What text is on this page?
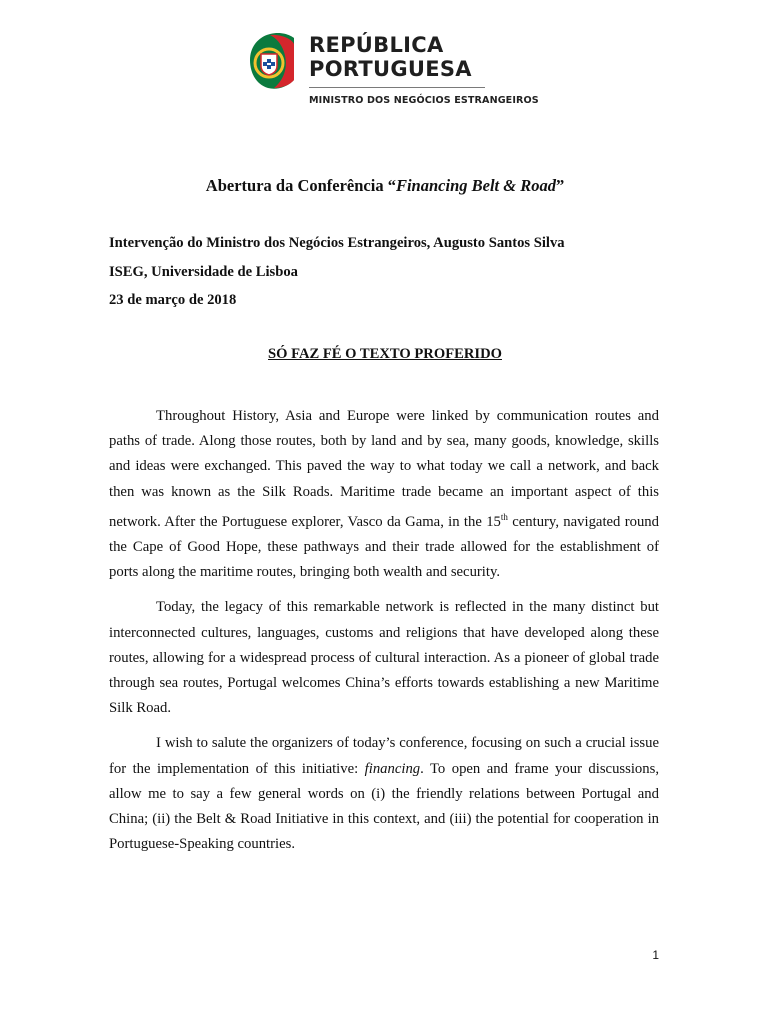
REPÚBLICA
PORTUGUESA
MINISTRO DOS NEGÓCIOS ESTRANGEIROS
Abertura da Conferência “Financing Belt & Road”
Intervenção do Ministro dos Negócios Estrangeiros, Augusto Santos Silva
ISEG, Universidade de Lisboa
23 de março de 2018
SÓ FAZ FÉ O TEXTO PROFERIDO

Throughout History, Asia and Europe were linked by communication routes and paths of trade. Along those routes, both by land and by sea, many goods, knowledge, skills and ideas were exchanged. This paved the way to what today we call a network, and back then was known as the Silk Roads. Maritime trade became an important aspect of this network. After the Portuguese explorer, Vasco da Gama, in the 15th century, navigated round the Cape of Good Hope, these pathways and their trade allowed for the establishment of ports along the maritime routes, bringing both wealth and security.

Today, the legacy of this remarkable network is reflected in the many distinct but interconnected cultures, languages, customs and religions that have developed along these routes, allowing for a widespread process of cultural interaction. As a pioneer of global trade through sea routes, Portugal welcomes China’s efforts towards establishing a new Maritime Silk Road.

I wish to salute the organizers of today’s conference, focusing on such a crucial issue for the implementation of this initiative: financing. To open and frame your discussions, allow me to say a few general words on (i) the friendly relations between Portugal and China; (ii) the Belt & Road Initiative in this context, and (iii) the potential for cooperation in Portuguese-Speaking countries.

1
